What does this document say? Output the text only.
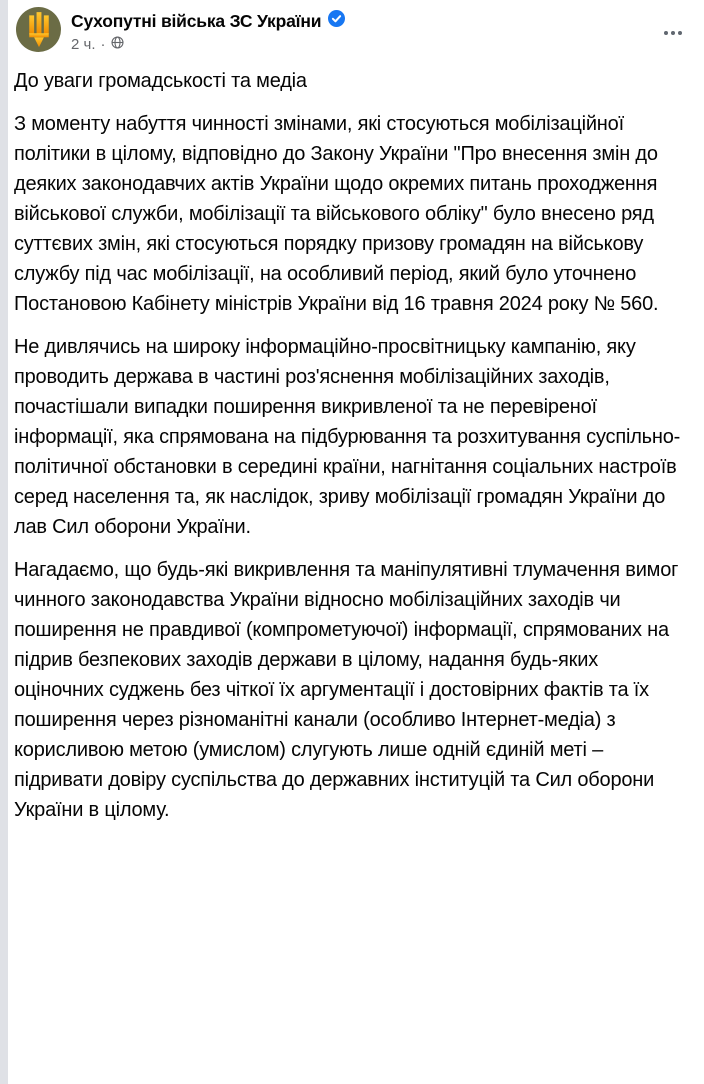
Сухопутні війська ЗС України
2 ч. ·

До уваги громадськості та медіа

З моменту набуття чинності змінами, які стосуються мобілізаційної політики в цілому, відповідно до Закону України "Про внесення змін до деяких законодавчих актів України щодо окремих питань проходження військової служби, мобілізації та військового обліку" було внесено ряд суттєвих змін, які стосуються порядку призову громадян на військову службу під час мобілізації, на особливий період, який було уточнено Постановою Кабінету міністрів України від 16 травня 2024 року № 560.

Не дивлячись на широку інформаційно-просвітницьку кампанію, яку проводить держава в частині роз'яснення мобілізаційних заходів, почастішали випадки поширення викривленої та не перевіреної інформації, яка спрямована на підбурювання та розхитування суспільно-політичної обстановки в середині країни, нагнітання соціальних настроїв серед населення та, як наслідок, зриву мобілізації громадян України до лав Сил оборони України.

Нагадаємо, що будь-які викривлення та маніпулятивні тлумачення вимог чинного законодавства України відносно мобілізаційних заходів чи поширення не правдивої (компрометуючої) інформації, спрямованих на підрив безпекових заходів держави в цілому, надання будь-яких оціночних суджень без чіткої їх аргументації і достовірних фактів та їх поширення через різноманітні канали (особливо Інтернет-медіа) з корисливою метою (умислом) слугують лише одній єдиній меті – підривати довіру суспільства до державних інституцій та Сил оборони України в цілому.
